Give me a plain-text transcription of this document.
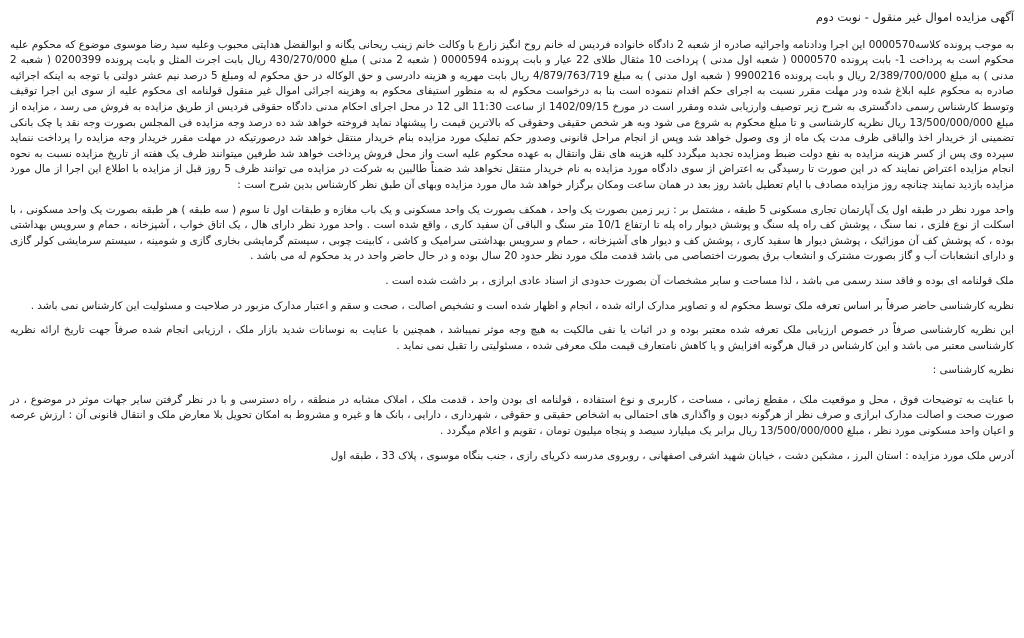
آگهی مزایده اموال غیر منقول - نوبت دوم

به موجب پرونده کلاسه0000570 این اجرا ودادنامه واجرائیه صادره از شعبه 2 دادگاه خانواده فردیس له خانم روح انگیز زارع با وکالت خانم زینب ریحانی یگانه و ابوالفضل هدایتی محبوب وعلیه سید رضا موسوی موضوع که محکوم علیه محکوم است به پرداخت 1- بابت پرونده 0000570 ( شعبه اول مدنی ) پرداخت 10 مثقال طلای 22 عیار و بابت پرونده 0000594 ( شعبه 2 مدنی ) مبلغ 430/270/000 ریال بابت اجرت المثل و بابت پرونده 0200399 ( شعبه 2 مدنی ) به مبلغ 2/389/700/000 ریال و بابت پرونده 9900216 ( شعبه اول مدنی ) به مبلغ 4/879/763/719 ریال بابت مهریه و هزینه دادرسی و حق الوکاله در حق محکوم له ومبلغ 5 درصد نیم عشر دولتی با توجه به اینکه اجرائیه صادره به محکوم علیه ابلاغ شده ودر مهلت مقرر نسبت به اجرای حکم اقدام ننموده است بنا به درخواست محکوم له به منظور استیفای محکوم به وهزینه اجرائی اموال غیر منقول قولنامه ای محکوم علیه از سوی این اجرا توقیف وتوسط کارشناس رسمی دادگستری به شرح زیر توصیف وارزیابی شده ومقرر است در مورخ 1402/09/15 از ساعت 11:30 الی 12 در محل اجرای احکام مدنی دادگاه حقوقی فردیس از طریق مزایده به فروش می رسد ، مزایده از مبلغ 13/500/000/000 ریال نظریه کارشناسی و تا مبلغ محکوم به شروع می شود وبه هر شخص حقیقی وحقوقی که بالاترین قیمت را پیشنهاد نماید فروخته خواهد شد ده درصد وجه مزایده فی المجلس بصورت وجه نقد یا چک بانکی تضمینی از خریدار اخذ والباقی ظرف مدت یک ماه از وی وصول خواهد شد وپس از انجام مراحل قانونی وصدور حکم تملیک مورد مزایده بنام خریدار منتقل خواهد شد درصورتیکه در مهلت مقرر خریدار وجه مزایده را پرداخت ننماید سپرده وی پس از کسر هزینه مزایده به نفع دولت ضبط ومزایده تجدید میگردد کلیه هزینه های نقل وانتقال به عهده محکوم علیه است واز محل فروش پرداخت خواهد شد طرفین میتوانند ظرف یک هفته از تاریخ مزایده نسبت به نحوه انجام مزایده اعتراض نمایند که در این صورت تا رسیدگی به اعتراض از سوی دادگاه مورد مزایده به نام خریدار منتقل نخواهد شد ضمناً طالبین به شرکت در مزایده می توانند ظرف 5 روز قبل از مزایده با اطلاع این اجرا از مال مورد مزایده بازدید نمایند چنانچه روز مزایده مصادف با ایام تعطیل باشد روز بعد در همان ساعت ومکان برگزار خواهد شد مال مورد مزایده وبهای آن طبق نظر کارشناس بدین شرح است :

واحد مورد نظر در طبقه اول یک آپارتمان تجاری مسکونی 5 طبقه ، مشتمل بر : زیر زمین بصورت یک واحد ، همکف بصورت یک واحد مسکونی و یک باب مغازه و طبقات اول تا سوم ( سه طبقه ) هر طبقه بصورت یک واحد مسکونی ، با اسکلت از نوع فلزی ، نما سنگ ، پوشش کف راه پله سنگ و پوشش دیوار راه پله تا ارتفاع 10/1 متر سنگ و الباقی آن سفید کاری ، واقع شده است . واحد مورد نظر دارای هال ، یک اتاق خواب ، آشپزخانه ، حمام و سرویس بهداشتی بوده ، که پوشش کف آن موزائیک ، پوشش دیوار ها سفید کاری ، پوشش کف و دیوار های آشپزخانه ، حمام و سرویس بهداشتی سرامیک و کاشی ، کابینت چوبی ، سیستم گرمایشی بخاری گازی و شومینه ، سیستم سرمایشی کولر گازی و دارای انشعابات آب و گاز بصورت مشترک و انشعاب برق بصورت اختصاصی می باشد قدمت ملک مورد نظر حدود 20 سال بوده و در حال حاضر واحد در ید محکوم له می باشد .

ملک قولنامه ای بوده و فاقد سند رسمی می باشد ، لذا مساحت و سایر مشخصات آن بصورت حدودی از اسناد عادی ابرازی ، بر داشت شده است .

نظریه کارشناسی حاضر صرفاً بر اساس تعرفه ملک توسط محکوم له و تصاویر مدارک ارائه شده ، انجام و اظهار شده است و تشخیص اصالت ، صحت و سقم و اعتبار مدارک مزبور در صلاحیت و مسئولیت این کارشناس نمی باشد .

این نظریه کارشناسی صرفاً در خصوص ارزیابی ملک تعرفه شده معتبر بوده و در اثبات یا نفی مالکیت به هیچ وجه موثر نمیباشد ، همچنین با عنایت به نوسانات شدید بازار ملک ، ارزیابی انجام شده صرفاً جهت تاریخ ارائه نظریه کارشناسی معتبر می باشد و این کارشناس در قبال هرگونه افزایش و یا کاهش نامتعارف قیمت ملک معرفی شده ، مسئولیتی را تقبل نمی نماید .

نظریه کارشناسی :

با عنایت به توضیحات فوق ، محل و موقعیت ملک ، مقطع زمانی ، مساحت ، کاربری و نوع استفاده ، قولنامه ای بودن واحد ، قدمت ملک ، املاک مشابه در منطقه ، راه دسترسی و با در نظر گرفتن سایر جهات موثر در موضوع ، در صورت صحت و اصالت مدارک ابرازی و صرف نظر از هرگونه دیون و واگذاری های احتمالی به اشخاص حقیقی و حقوقی ، شهرداری ، دارایی ، بانک ها و غیره و مشروط به امکان تحویل بلا معارض ملک و انتقال قانونی آن : ارزش عرصه و اعیان واحد مسکونی مورد نظر ، مبلغ 13/500/000/000 ریال برابر یک میلیارد سیصد و پنجاه میلیون تومان ، تقویم و اعلام میگردد .

آدرس ملک مورد مزایده : استان البرز ، مشکین دشت ، خیابان شهید اشرفی اصفهانی ، روبروی مدرسه ذکریای رازی ، جنب بنگاه موسوی ، پلاک 33 ، طبقه اول
